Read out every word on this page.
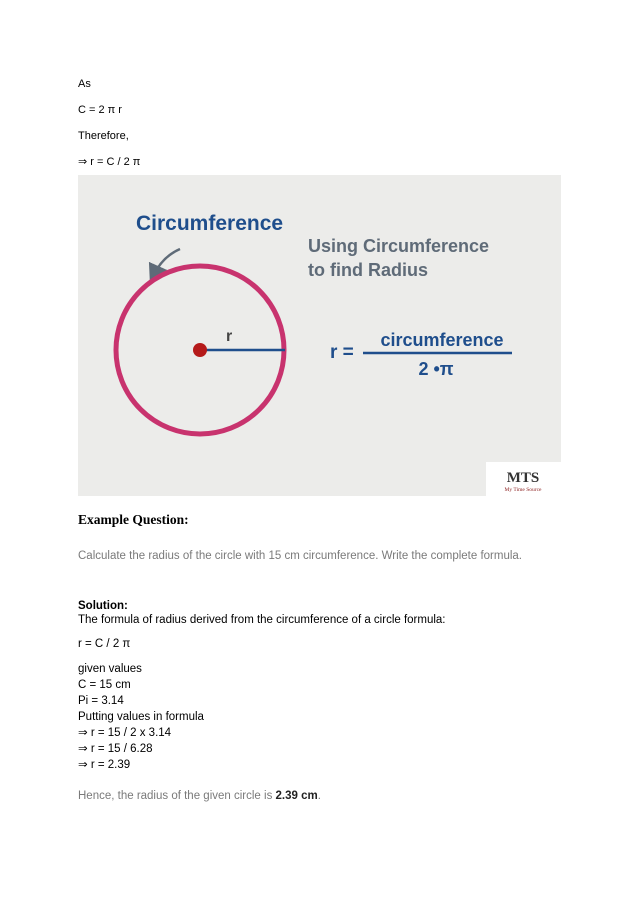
As
C = 2 π r
Therefore,
⇒ r = C / 2 π
Circumference
r
Using Circumference
to find Radius
r =
circumference
2 •π
MTS
My Time Source
Example Question:
Calculate the radius of the circle with 15 cm circumference. Write the complete formula.
Solution:
The formula of radius derived from the circumference of a circle formula:
r = C / 2 π
given values
C = 15 cm
Pi = 3.14
Putting values in formula
⇒ r = 15 / 2 x 3.14
⇒ r = 15 / 6.28
⇒ r = 2.39
Hence, the radius of the given circle is 2.39 cm.
